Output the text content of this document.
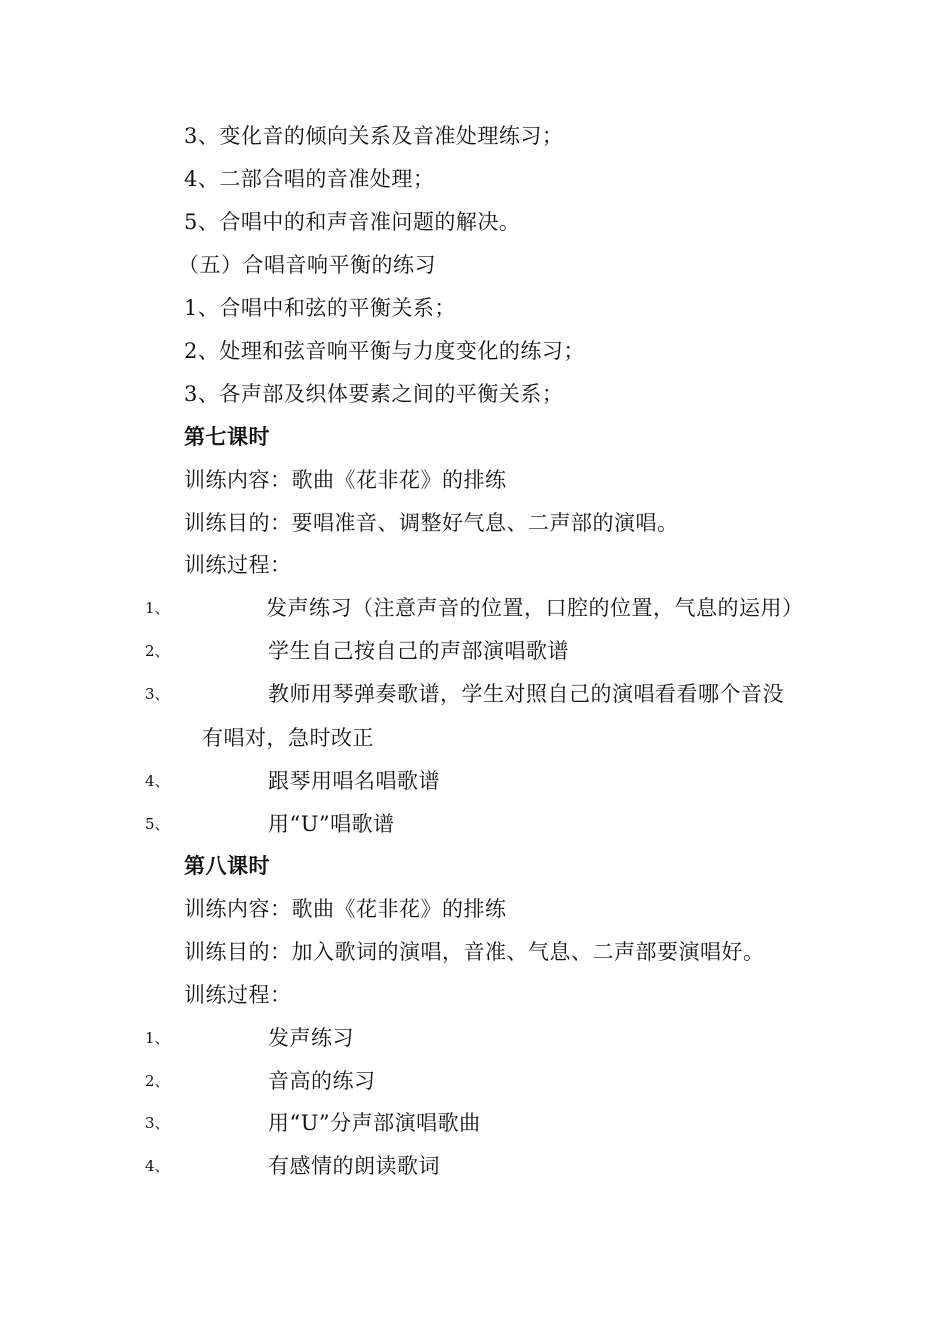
3、变化音的倾向关系及音准处理练习；
4、二部合唱的音准处理；
5、合唱中的和声音准问题的解决。
（五）合唱音响平衡的练习
1、合唱中和弦的平衡关系；
2、处理和弦音响平衡与力度变化的练习；
3、各声部及织体要素之间的平衡关系；
第七课时
训练内容：歌曲《花非花》的排练
训练目的：要唱准音、调整好气息、二声部的演唱。
训练过程：
1、	发声练习（注意声音的位置，口腔的位置，气息的运用）
2、	学生自己按自己的声部演唱歌谱
3、	教师用琴弹奏歌谱，学生对照自己的演唱看看哪个音没
有唱对，急时改正
4、	跟琴用唱名唱歌谱
5、	用“U”唱歌谱
第八课时
训练内容：歌曲《花非花》的排练
训练目的：加入歌词的演唱，音准、气息、二声部要演唱好。
训练过程：
1、	发声练习
2、	音高的练习
3、	用“U”分声部演唱歌曲
4、	有感情的朗读歌词
